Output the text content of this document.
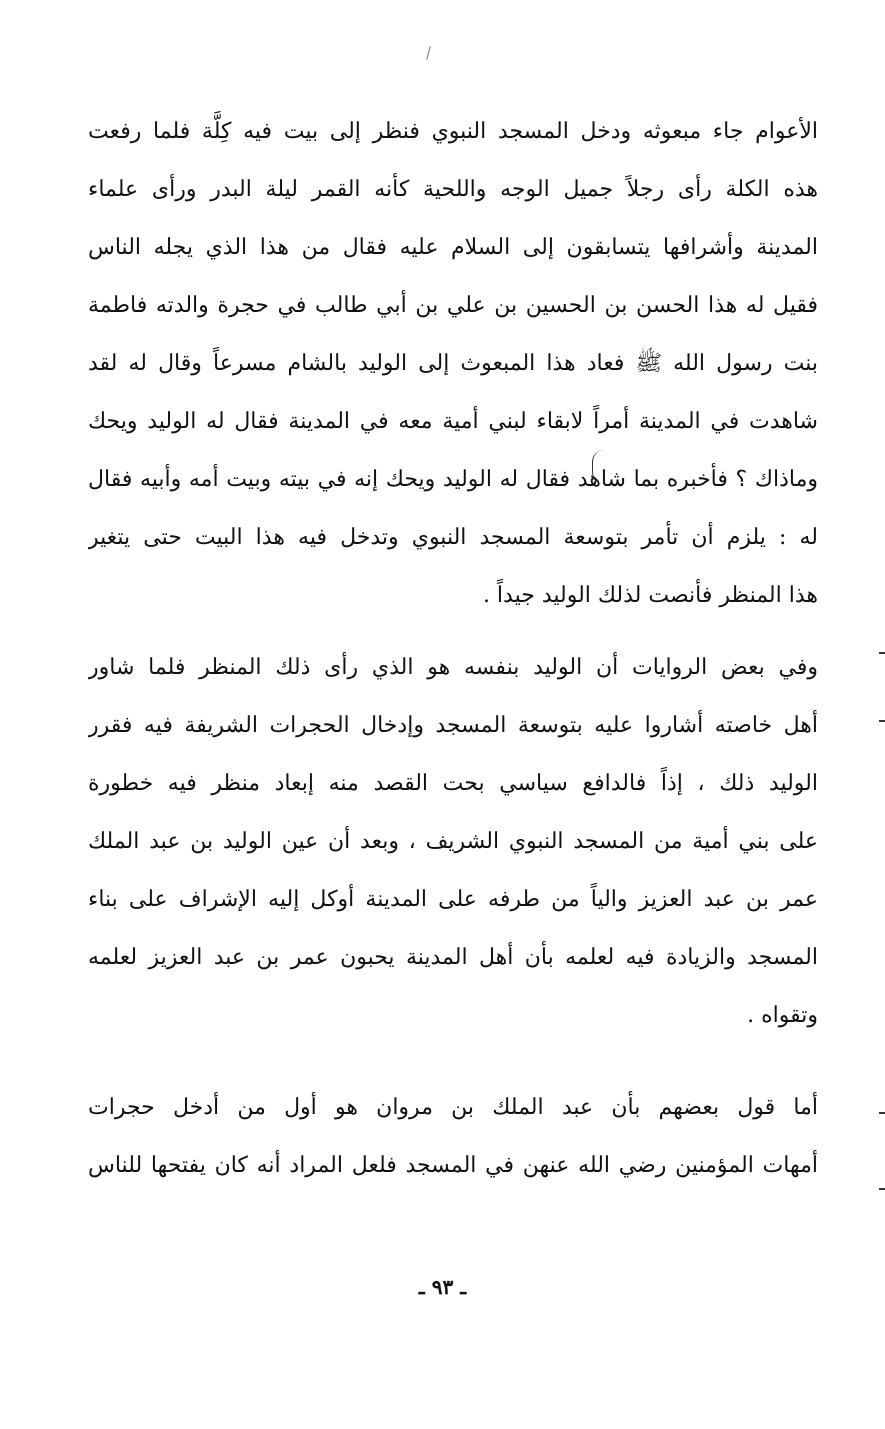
الأعوام جاء مبعوثه ودخل المسجد النبوي فنظر إلى بيت فيه كِلَّة فلما رفعت
هذه الكلة رأى رجلاً جميل الوجه واللحية كأنه القمر ليلة البدر ورأى علماء
المدينة وأشرافها يتسابقون إلى السلام عليه فقال من هذا الذي يجله الناس
فقيل له هذا الحسن بن الحسين بن علي بن أبي طالب في حجرة والدته فاطمة
بنت رسول الله ﷺ فعاد هذا المبعوث إلى الوليد بالشام مسرعاً وقال له لقد
شاهدت في المدينة أمراً لابقاء لبني أمية معه في المدينة فقال له الوليد ويحك
وماذاك ؟ فأخبره بما شاهد فقال له الوليد ويحك إنه في بيته وبيت أمه وأبيه فقال
له : يلزم أن تأمر بتوسعة المسجد النبوي وتدخل فيه هذا البيت حتى يتغير
هذا المنظر فأنصت لذلك الوليد جيداً .
وفي بعض الروايات أن الوليد بنفسه هو الذي رأى ذلك المنظر فلما شاور
أهل خاصته أشاروا عليه بتوسعة المسجد وإدخال الحجرات الشريفة فيه فقرر
الوليد ذلك ، إذاً فالدافع سياسي بحت القصد منه إبعاد منظر فيه خطورة
على بني أمية من المسجد النبوي الشريف ، وبعد أن عين الوليد بن عبد الملك
عمر بن عبد العزيز والياً من طرفه على المدينة أوكل إليه الإشراف على بناء
المسجد والزيادة فيه لعلمه بأن أهل المدينة يحبون عمر بن عبد العزيز لعلمه
وتقواه .
أما قول بعضهم بأن عبد الملك بن مروان هو أول من أدخل حجرات
أمهات المؤمنين رضي الله عنهن في المسجد فلعل المراد أنه كان يفتحها للناس
ـ ٩٣ ـ
